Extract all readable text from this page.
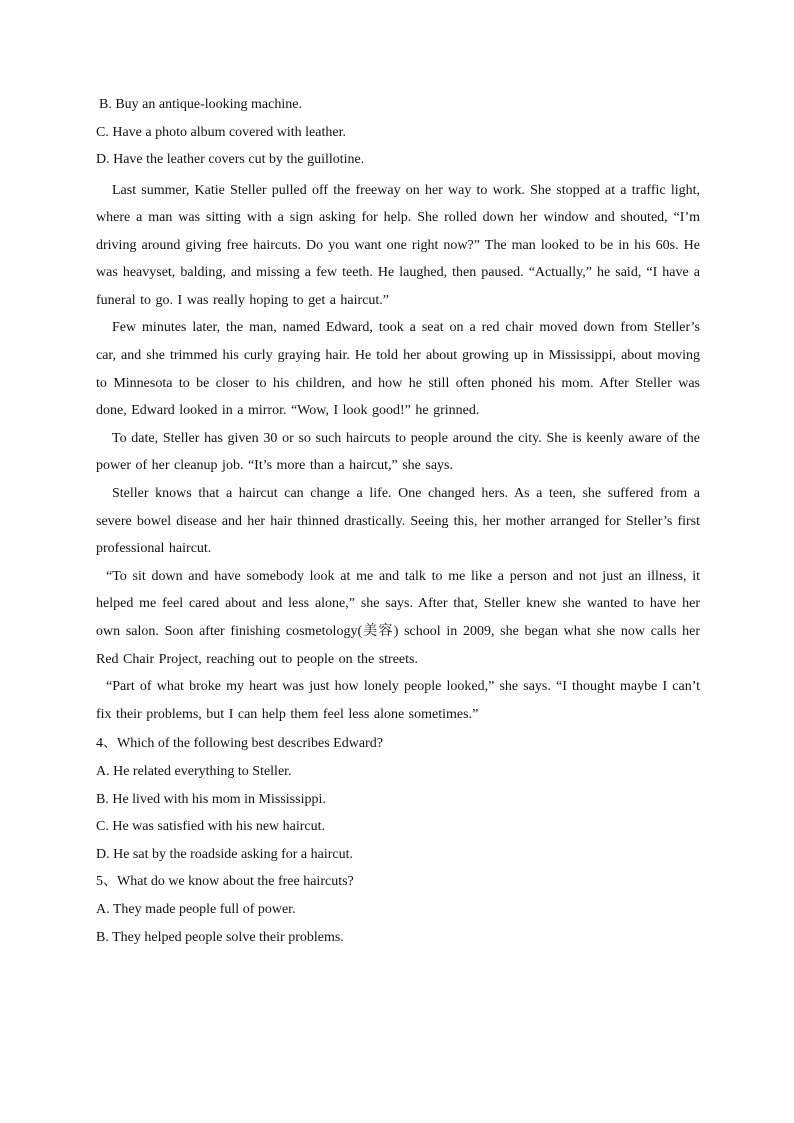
B. Buy an antique-looking machine.

C. Have a photo album covered with leather.

D. Have the leather covers cut by the guillotine.

Last summer, Katie Steller pulled off the freeway on her way to work. She stopped at a traffic light, where a man was sitting with a sign asking for help. She rolled down her window and shouted, “I’m driving around giving free haircuts. Do you want one right now?” The man looked to be in his 60s. He was heavyset, balding, and missing a few teeth. He laughed, then paused. “Actually,” he said, “I have a funeral to go. I was really hoping to get a haircut.”

Few minutes later, the man, named Edward, took a seat on a red chair moved down from Steller’s car, and she trimmed his curly graying hair. He told her about growing up in Mississippi, about moving to Minnesota to be closer to his children, and how he still often phoned his mom. After Steller was done, Edward looked in a mirror. “Wow, I look good!” he grinned.

To date, Steller has given 30 or so such haircuts to people around the city. She is keenly aware of the power of her cleanup job. “It’s more than a haircut,” she says.

Steller knows that a haircut can change a life. One changed hers. As a teen, she suffered from a severe bowel disease and her hair thinned drastically. Seeing this, her mother arranged for Steller’s first professional haircut.

“To sit down and have somebody look at me and talk to me like a person and not just an illness, it helped me feel cared about and less alone,” she says. After that, Steller knew she wanted to have her own salon. Soon after finishing cosmetology(美容) school in 2009, she began what she now calls her Red Chair Project, reaching out to people on the streets.

“Part of what broke my heart was just how lonely people looked,” she says. “I thought maybe I can’t fix their problems, but I can help them feel less alone sometimes.”

4、Which of the following best describes Edward?

A. He related everything to Steller.

B. He lived with his mom in Mississippi.

C. He was satisfied with his new haircut.

D. He sat by the roadside asking for a haircut.

5、What do we know about the free haircuts?

A. They made people full of power.

B. They helped people solve their problems.
